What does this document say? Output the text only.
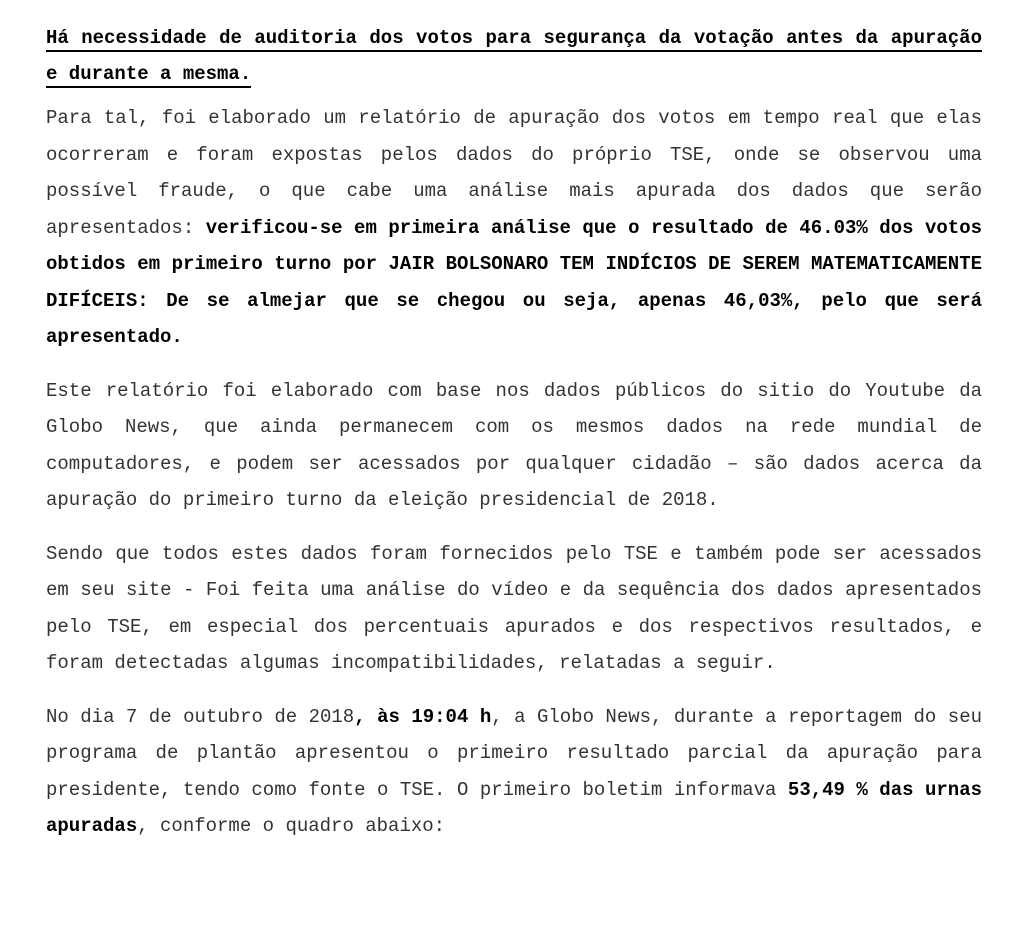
Há necessidade de auditoria dos votos para segurança da votação antes da apuração e durante a mesma.

Para tal, foi elaborado um relatório de apuração dos votos em tempo real que elas ocorreram e foram expostas pelos dados do próprio TSE, onde se observou uma possível fraude, o que cabe uma análise mais apurada dos dados que serão apresentados: verificou-se em primeira análise que o resultado de 46.03% dos votos obtidos em primeiro turno por JAIR BOLSONARO TEM INDÍCIOS DE SEREM MATEMATICAMENTE DIFÍCEIS: De se almejar que se chegou ou seja, apenas 46,03%, pelo que será apresentado.

Este relatório foi elaborado com base nos dados públicos do sitio do Youtube da Globo News, que ainda permanecem com os mesmos dados na rede mundial de computadores, e podem ser acessados por qualquer cidadão – são dados acerca da apuração do primeiro turno da eleição presidencial de 2018.

Sendo que todos estes dados foram fornecidos pelo TSE e também pode ser acessados em seu site - Foi feita uma análise do vídeo e da sequência dos dados apresentados pelo TSE, em especial dos percentuais apurados e dos respectivos resultados, e foram detectadas algumas incompatibilidades, relatadas a seguir.

No dia 7 de outubro de 2018, às 19:04 h, a Globo News, durante a reportagem do seu programa de plantão apresentou o primeiro resultado parcial da apuração para presidente, tendo como fonte o TSE. O primeiro boletim informava 53,49 % das urnas apuradas, conforme o quadro abaixo:
